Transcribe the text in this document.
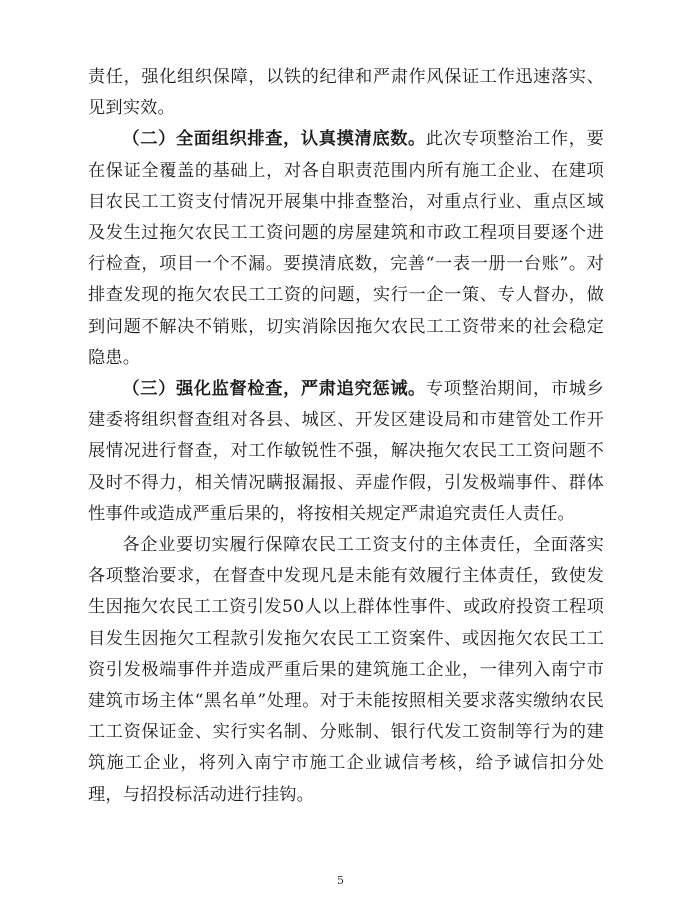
责任，强化组织保障，以铁的纪律和严肃作风保证工作迅速落实、见到实效。

（二）全面组织排查，认真摸清底数。此次专项整治工作，要在保证全覆盖的基础上，对各自职责范围内所有施工企业、在建项目农民工工资支付情况开展集中排查整治，对重点行业、重点区域及发生过拖欠农民工工资问题的房屋建筑和市政工程项目要逐个进行检查，项目一个不漏。要摸清底数，完善“一表一册一台账”。对排查发现的拖欠农民工工资的问题，实行一企一策、专人督办，做到问题不解决不销账，切实消除因拖欠农民工工资带来的社会稳定隐患。

（三）强化监督检查，严肃追究惩诫。专项整治期间，市城乡建委将组织督查组对各县、城区、开发区建设局和市建管处工作开展情况进行督查，对工作敏锐性不强，解决拖欠农民工工资问题不及时不得力，相关情况瞒报漏报、弄虚作假，引发极端事件、群体性事件或造成严重后果的，将按相关规定严肃追究责任人责任。

各企业要切实履行保障农民工工资支付的主体责任，全面落实各项整治要求，在督查中发现凡是未能有效履行主体责任，致使发生因拖欠农民工工资引发50人以上群体性事件、或政府投资工程项目发生因拖欠工程款引发拖欠农民工工资案件、或因拖欠农民工工资引发极端事件并造成严重后果的建筑施工企业，一律列入南宁市建筑市场主体“黑名单”处理。对于未能按照相关要求落实缴纳农民工工资保证金、实行实名制、分账制、银行代发工资制等行为的建筑施工企业，将列入南宁市施工企业诚信考核，给予诚信扣分处理，与招投标活动进行挂钩。

5
